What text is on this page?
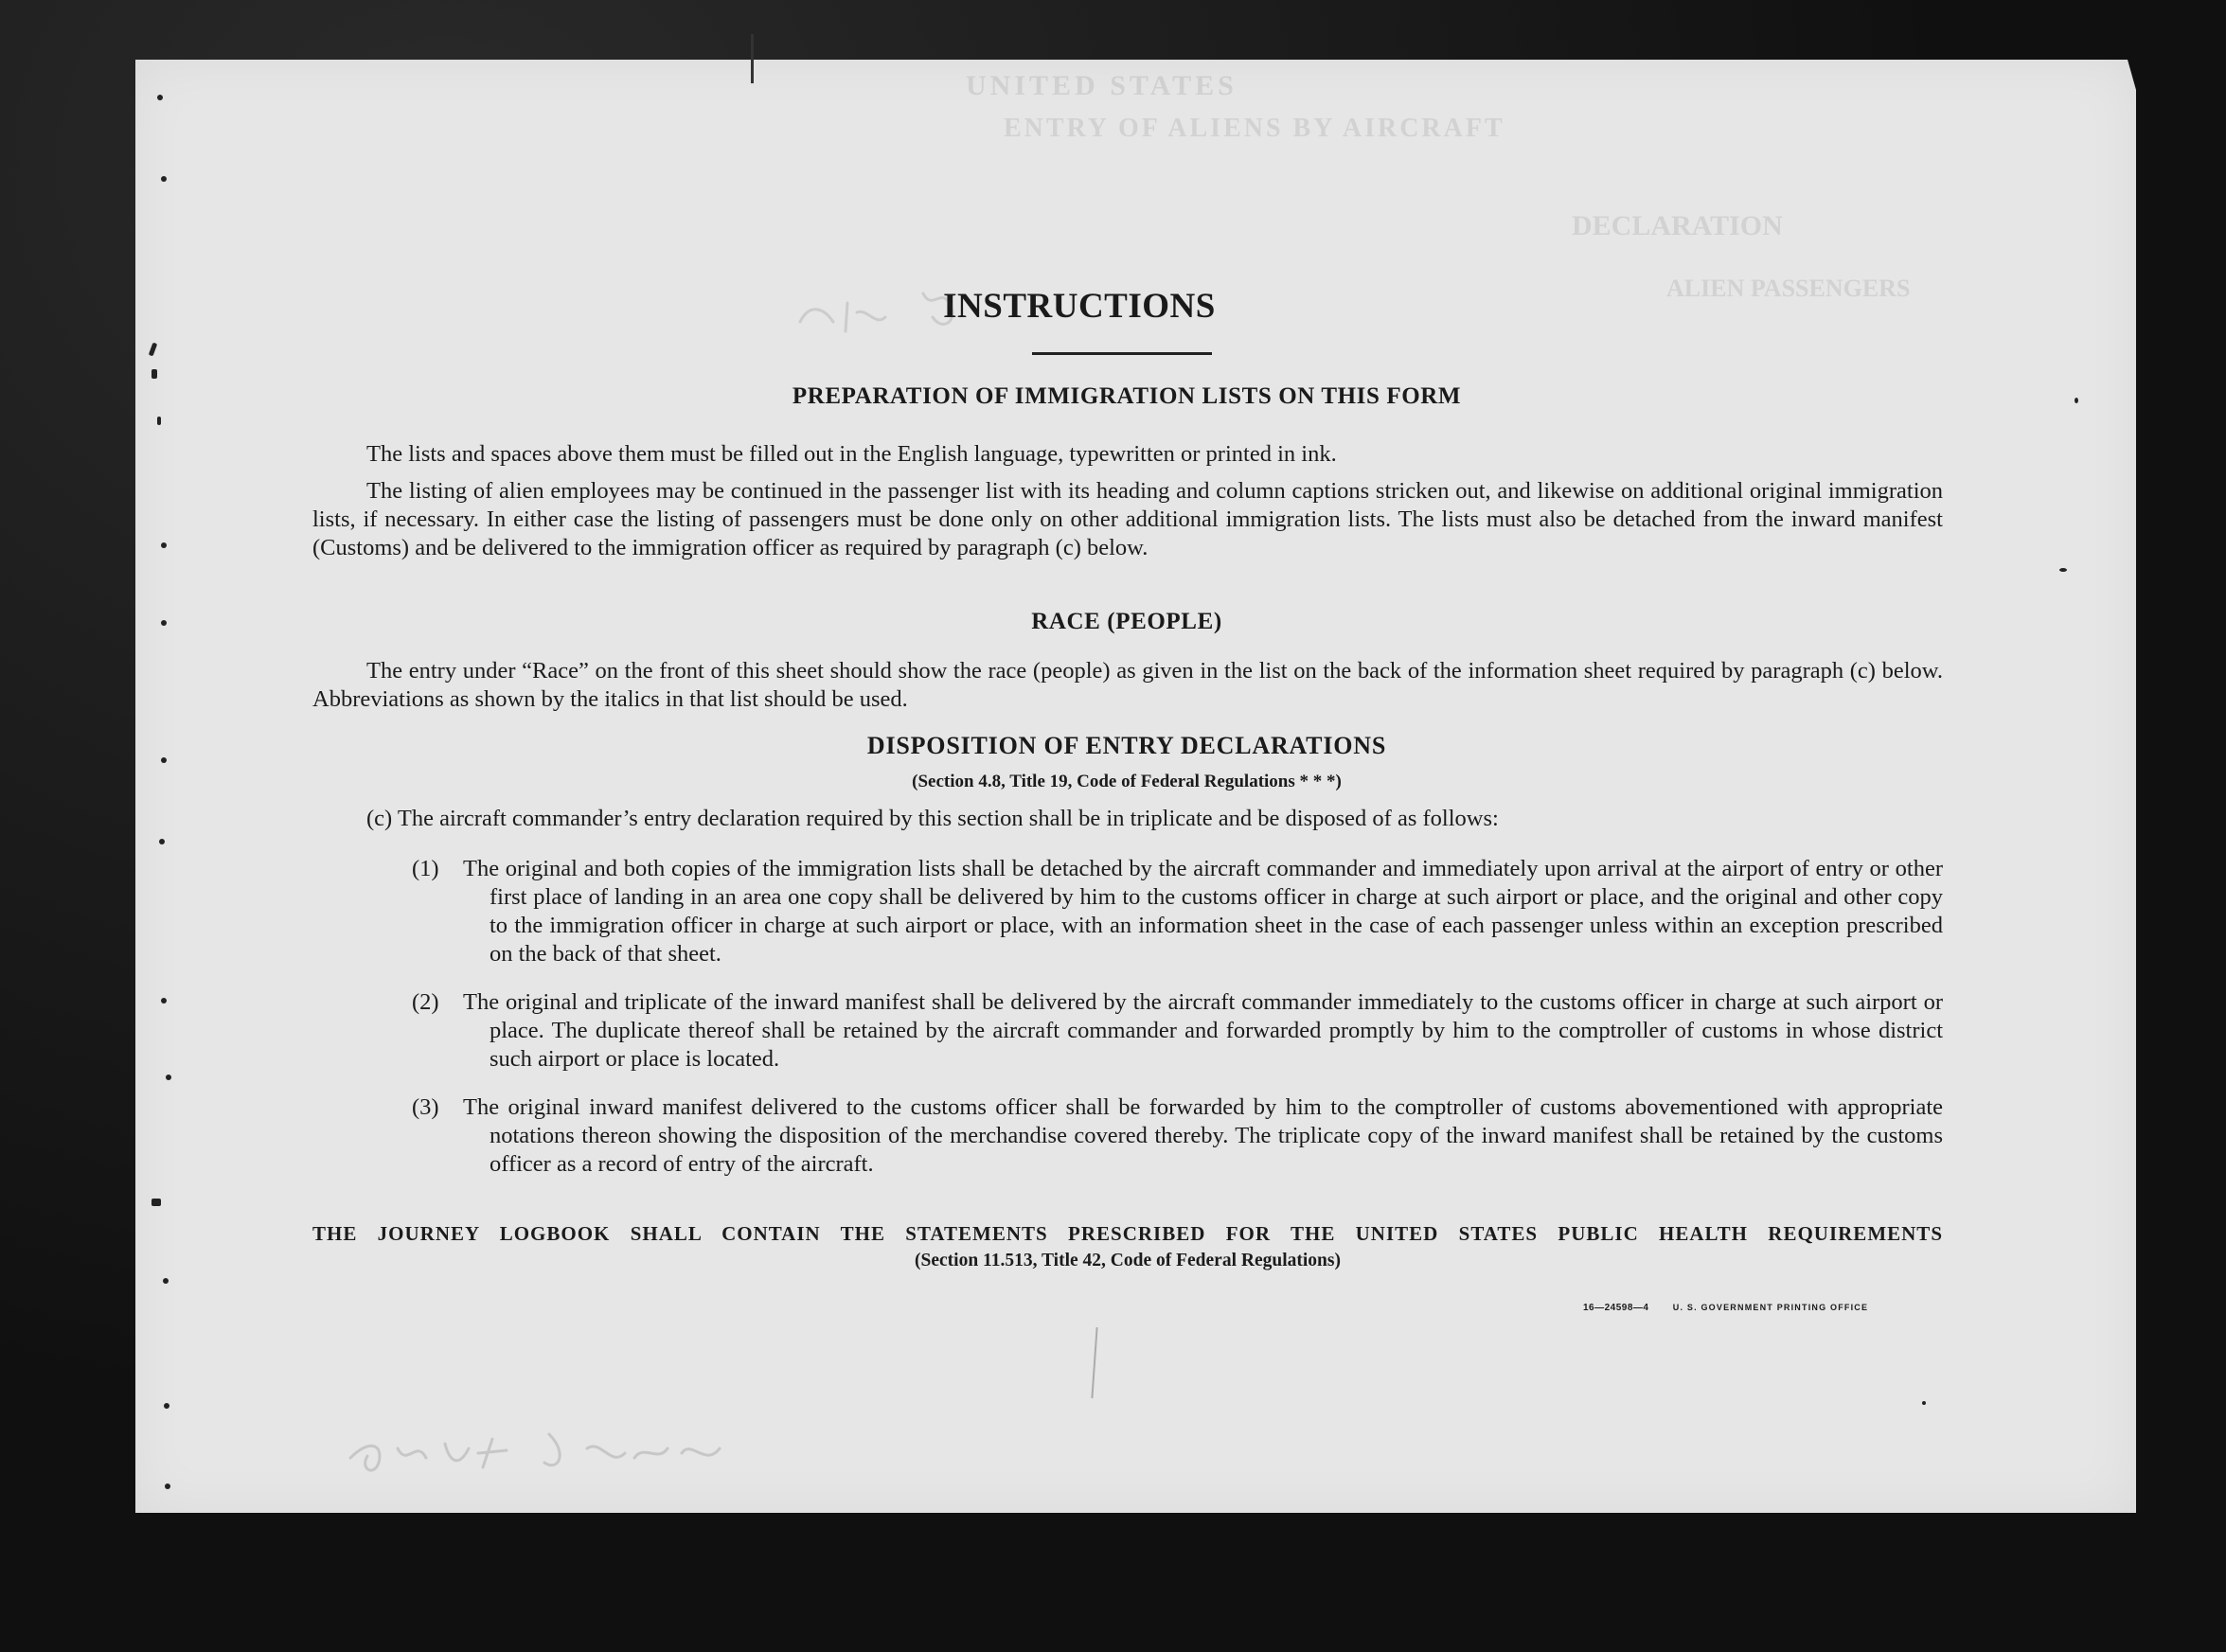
UNITED STATES
ENTRY OF ALIENS BY AIRCRAFT
DECLARATION
ALIEN PASSENGERS
INSTRUCTIONS
PREPARATION OF IMMIGRATION LISTS ON THIS FORM

The lists and spaces above them must be filled out in the English language, typewritten or printed in ink.

The listing of alien employees may be continued in the passenger list with its heading and column captions stricken out, and likewise on additional original immigration lists, if necessary. In either case the listing of passengers must be done only on other additional immigration lists. The lists must also be detached from the inward manifest (Customs) and be delivered to the immigration officer as required by paragraph (c) below.

RACE (PEOPLE)

The entry under “Race” on the front of this sheet should show the race (people) as given in the list on the back of the information sheet required by paragraph (c) below. Abbreviations as shown by the italics in that list should be used.

DISPOSITION OF ENTRY DECLARATIONS
(Section 4.8, Title 19, Code of Federal Regulations * * *)

(c) The aircraft commander’s entry declaration required by this section shall be in triplicate and be disposed of as follows:

(1) The original and both copies of the immigration lists shall be detached by the aircraft commander and immediately upon arrival at the airport of entry or other first place of landing in an area one copy shall be delivered by him to the customs officer in charge at such airport or place, and the original and other copy to the immigration officer in charge at such airport or place, with an information sheet in the case of each passenger unless within an exception prescribed on the back of that sheet.

(2) The original and triplicate of the inward manifest shall be delivered by the aircraft commander immediately to the customs officer in charge at such airport or place. The duplicate thereof shall be retained by the aircraft commander and forwarded promptly by him to the comptroller of customs in whose district such airport or place is located.

(3) The original inward manifest delivered to the customs officer shall be forwarded by him to the comptroller of customs abovementioned with appropriate notations thereon showing the disposition of the merchandise covered thereby. The triplicate copy of the inward manifest shall be retained by the customs officer as a record of entry of the aircraft.

THE JOURNEY LOGBOOK SHALL CONTAIN THE STATEMENTS PRESCRIBED FOR THE UNITED STATES PUBLIC HEALTH REQUIREMENTS
(Section 11.513, Title 42, Code of Federal Regulations)
16—24598—4	U. S. GOVERNMENT PRINTING OFFICE
